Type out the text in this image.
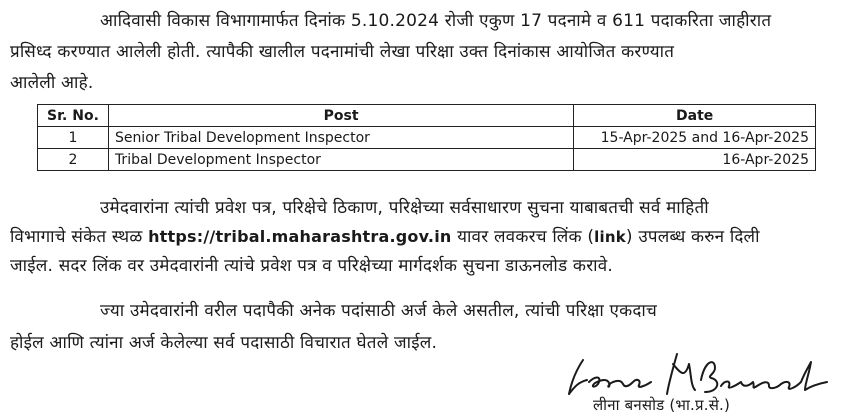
आदिवासी विकास विभागामार्फत दिनांक 5.10.2024 रोजी एकुण 17 पदनामे व 611 पदाकरिता जाहीरात
प्रसिध्द करण्यात आलेली होती. त्यापैकी खालील पदनामांची लेखा परिक्षा उक्त दिनांकास आयोजित करण्यात
आलेली आहे.
Sr. No.	Post	Date
1	Senior Tribal Development Inspector	15-Apr-2025 and 16-Apr-2025
2	Tribal Development Inspector	16-Apr-2025
उमेदवारांना त्यांची प्रवेश पत्र, परिक्षेचे ठिकाण, परिक्षेच्या सर्वसाधारण सुचना याबाबतची सर्व माहिती
विभागाचे संकेत स्थळ https://tribal.maharashtra.gov.in यावर लवकरच लिंक (link) उपलब्ध करुन दिली
जाईल. सदर लिंक वर उमेदवारांनी त्यांचे प्रवेश पत्र व परिक्षेच्या मार्गदर्शक सुचना डाऊनलोड करावे.
ज्या उमेदवारांनी वरील पदापैकी अनेक पदांसाठी अर्ज केले असतील, त्यांची परिक्षा एकदाच
होईल आणि त्यांना अर्ज केलेल्या सर्व पदासाठी विचारात घेतले जाईल.
लीना बनसोड (भा.प्र.से.)
